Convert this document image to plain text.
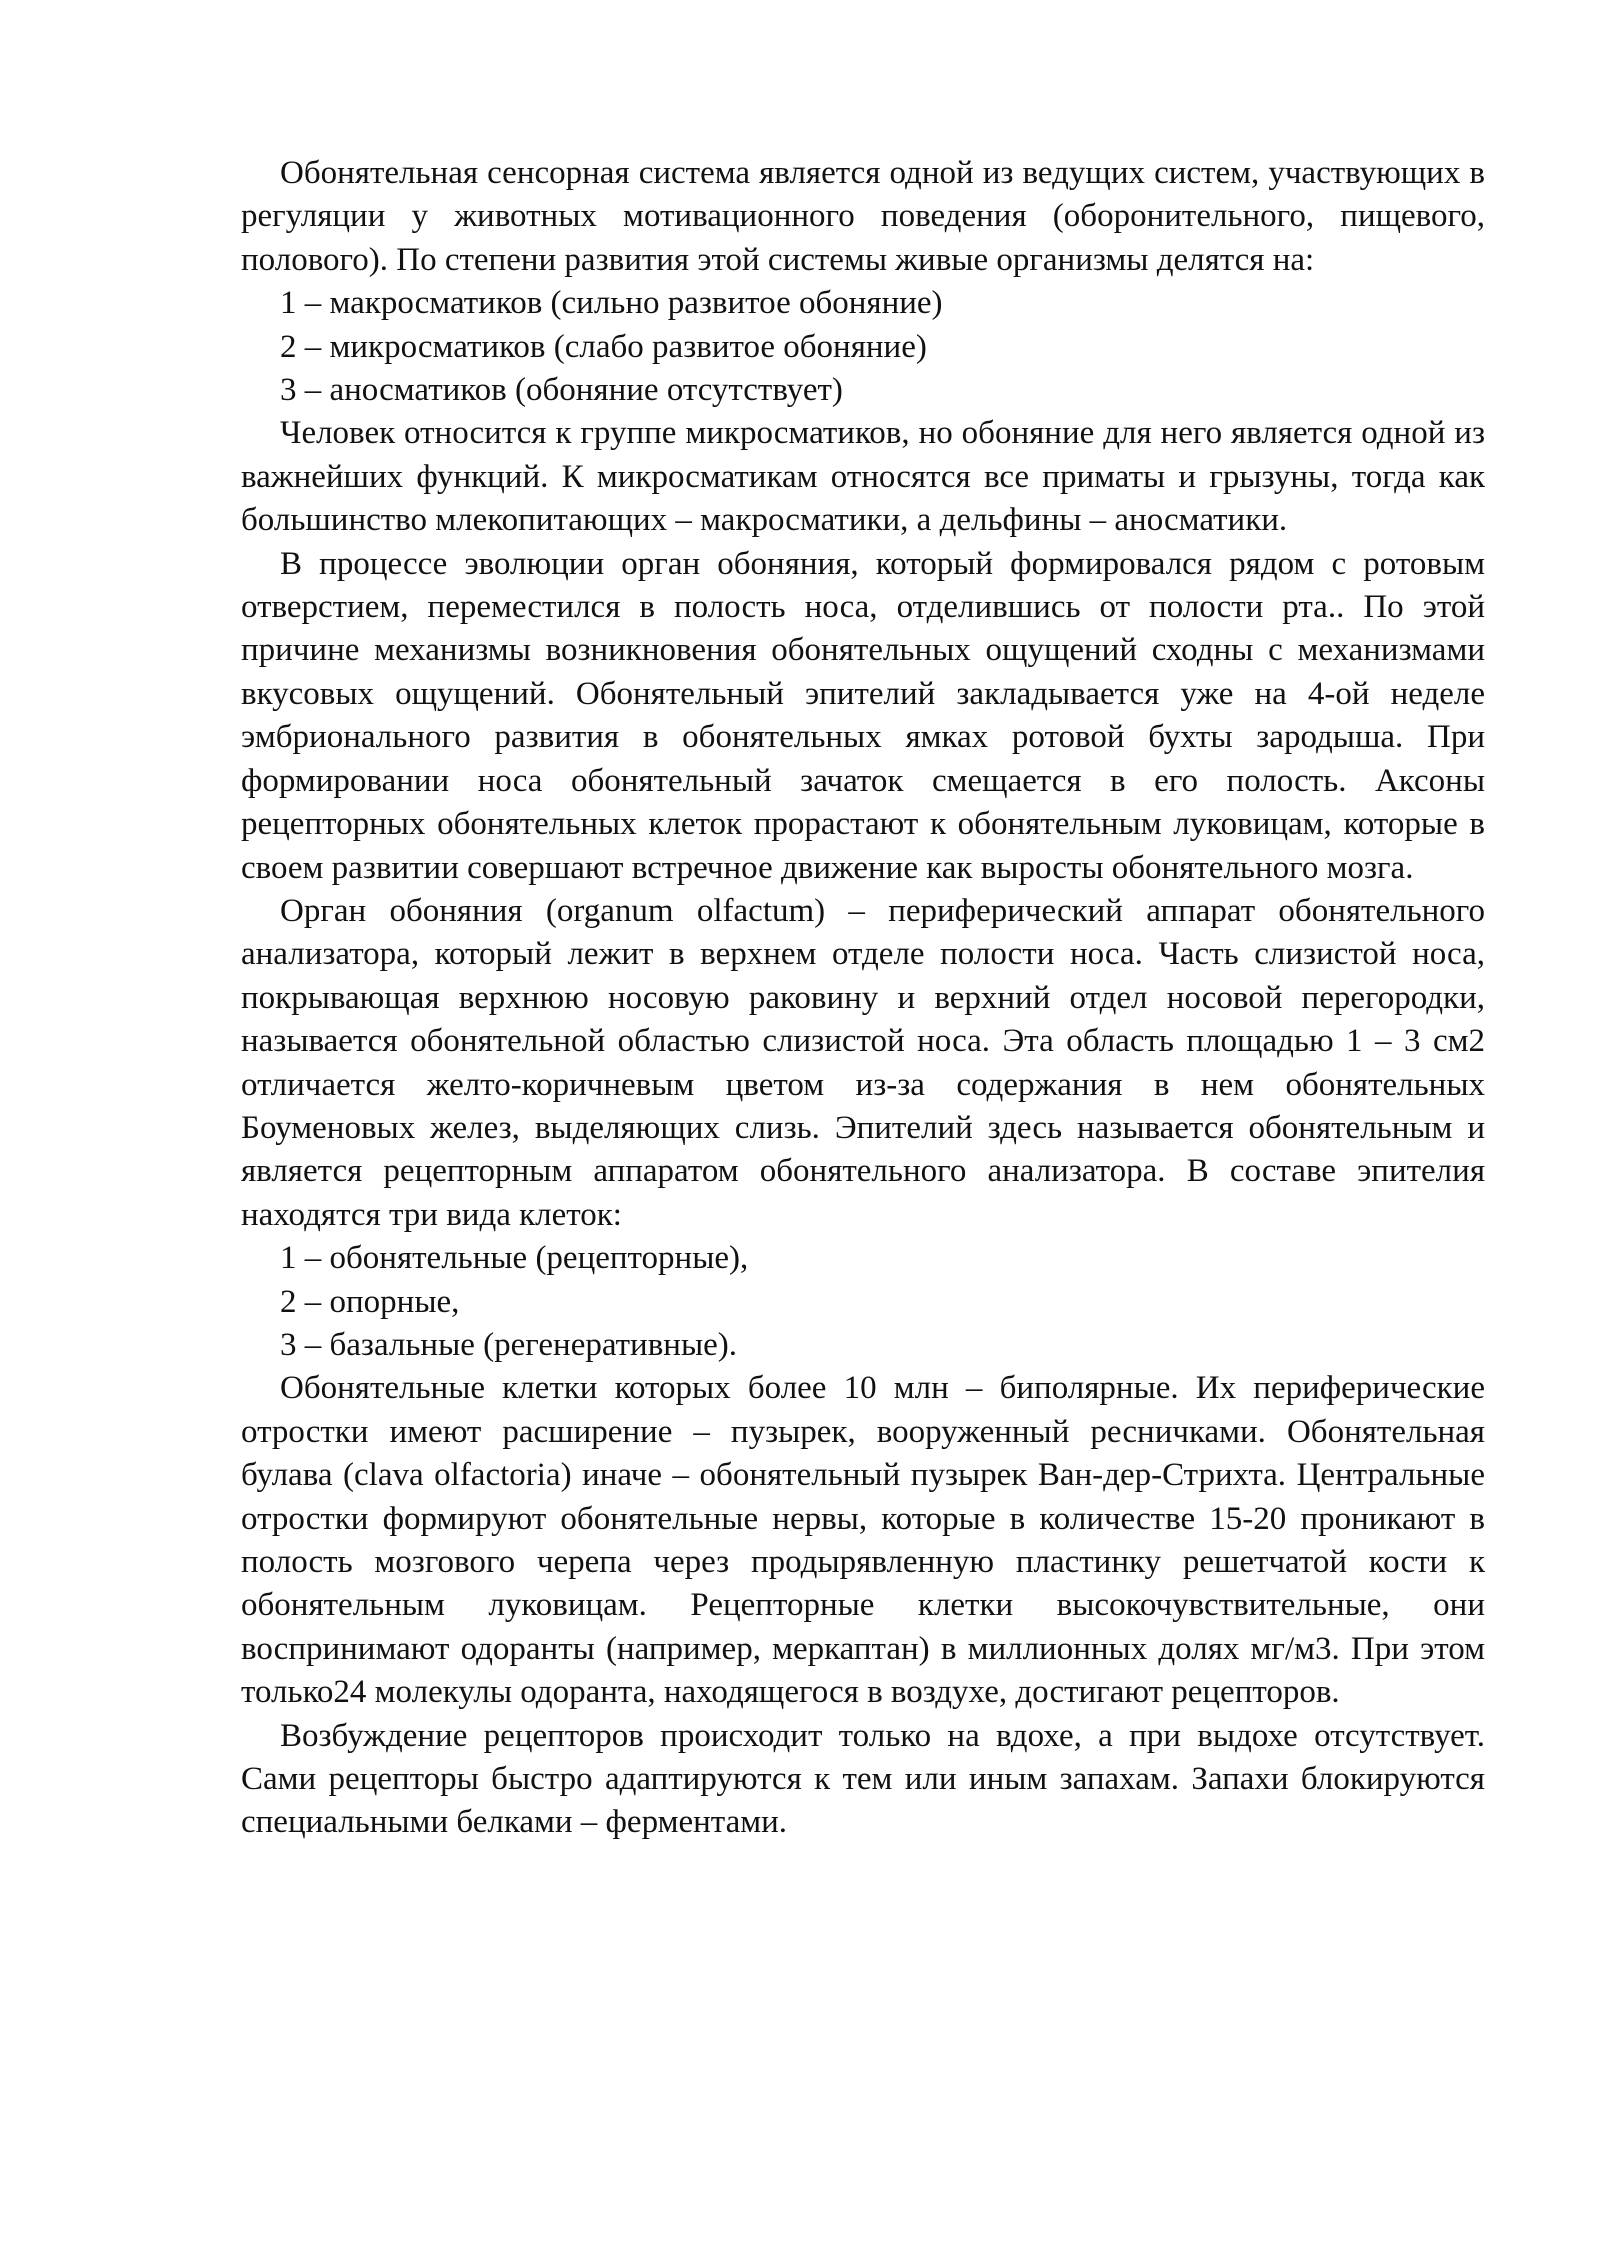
Обонятельная сенсорная система является одной из ведущих систем, участвующих в регуляции у животных мотивационного поведения (оборонительного, пищевого, полового). По степени развития этой системы живые организмы делятся на:

1 – макросматиков (сильно развитое обоняние)

2 – микросматиков (слабо развитое обоняние)

3 – аносматиков (обоняние отсутствует)

Человек относится к группе микросматиков, но обоняние для него является одной из важнейших функций. К микросматикам относятся все приматы и грызуны, тогда как большинство млекопитающих – макросматики, а дельфины – аносматики.

В процессе эволюции орган обоняния, который формировался рядом с ротовым отверстием, переместился в полость носа, отделившись от полости рта.. По этой причине механизмы возникновения обонятельных ощущений сходны с механизмами вкусовых ощущений. Обонятельный эпителий закладывается уже на 4-ой неделе эмбрионального развития в обонятельных ямках ротовой бухты зародыша. При формировании носа обонятельный зачаток смещается в его полость. Аксоны рецепторных обонятельных клеток прорастают к обонятельным луковицам, которые в своем развитии совершают встречное движение как выросты обонятельного мозга.

Орган обоняния (organum olfactum) – периферический аппарат обонятельного анализатора, который лежит в верхнем отделе полости носа. Часть слизистой носа, покрывающая верхнюю носовую раковину и верхний отдел носовой перегородки, называется обонятельной областью слизистой носа. Эта область площадью 1 – 3 см2 отличается желто-коричневым цветом из-за содержания в нем обонятельных Боуменовых желез, выделяющих слизь. Эпителий здесь называется обонятельным и является рецепторным аппаратом обонятельного анализатора. В составе эпителия находятся три вида клеток:

1 – обонятельные (рецепторные),

2 – опорные,

3 – базальные (регенеративные).

Обонятельные клетки которых более 10 млн – биполярные. Их периферические отростки имеют расширение – пузырек, вооруженный ресничками. Обонятельная булава (clava olfactoria) иначе – обонятельный пузырек Ван-дер-Стрихта. Центральные отростки формируют обонятельные нервы, которые в количестве 15-20 проникают в полость мозгового черепа через продырявленную пластинку решетчатой кости к обонятельным луковицам. Рецепторные клетки высокочувствительные, они воспринимают одоранты (например, меркаптан) в миллионных долях мг/м3. При этом только24 молекулы одоранта, находящегося в воздухе, достигают рецепторов.

Возбуждение рецепторов происходит только на вдохе, а при выдохе отсутствует. Сами рецепторы быстро адаптируются к тем или иным запахам. Запахи блокируются специальными белками – ферментами.
